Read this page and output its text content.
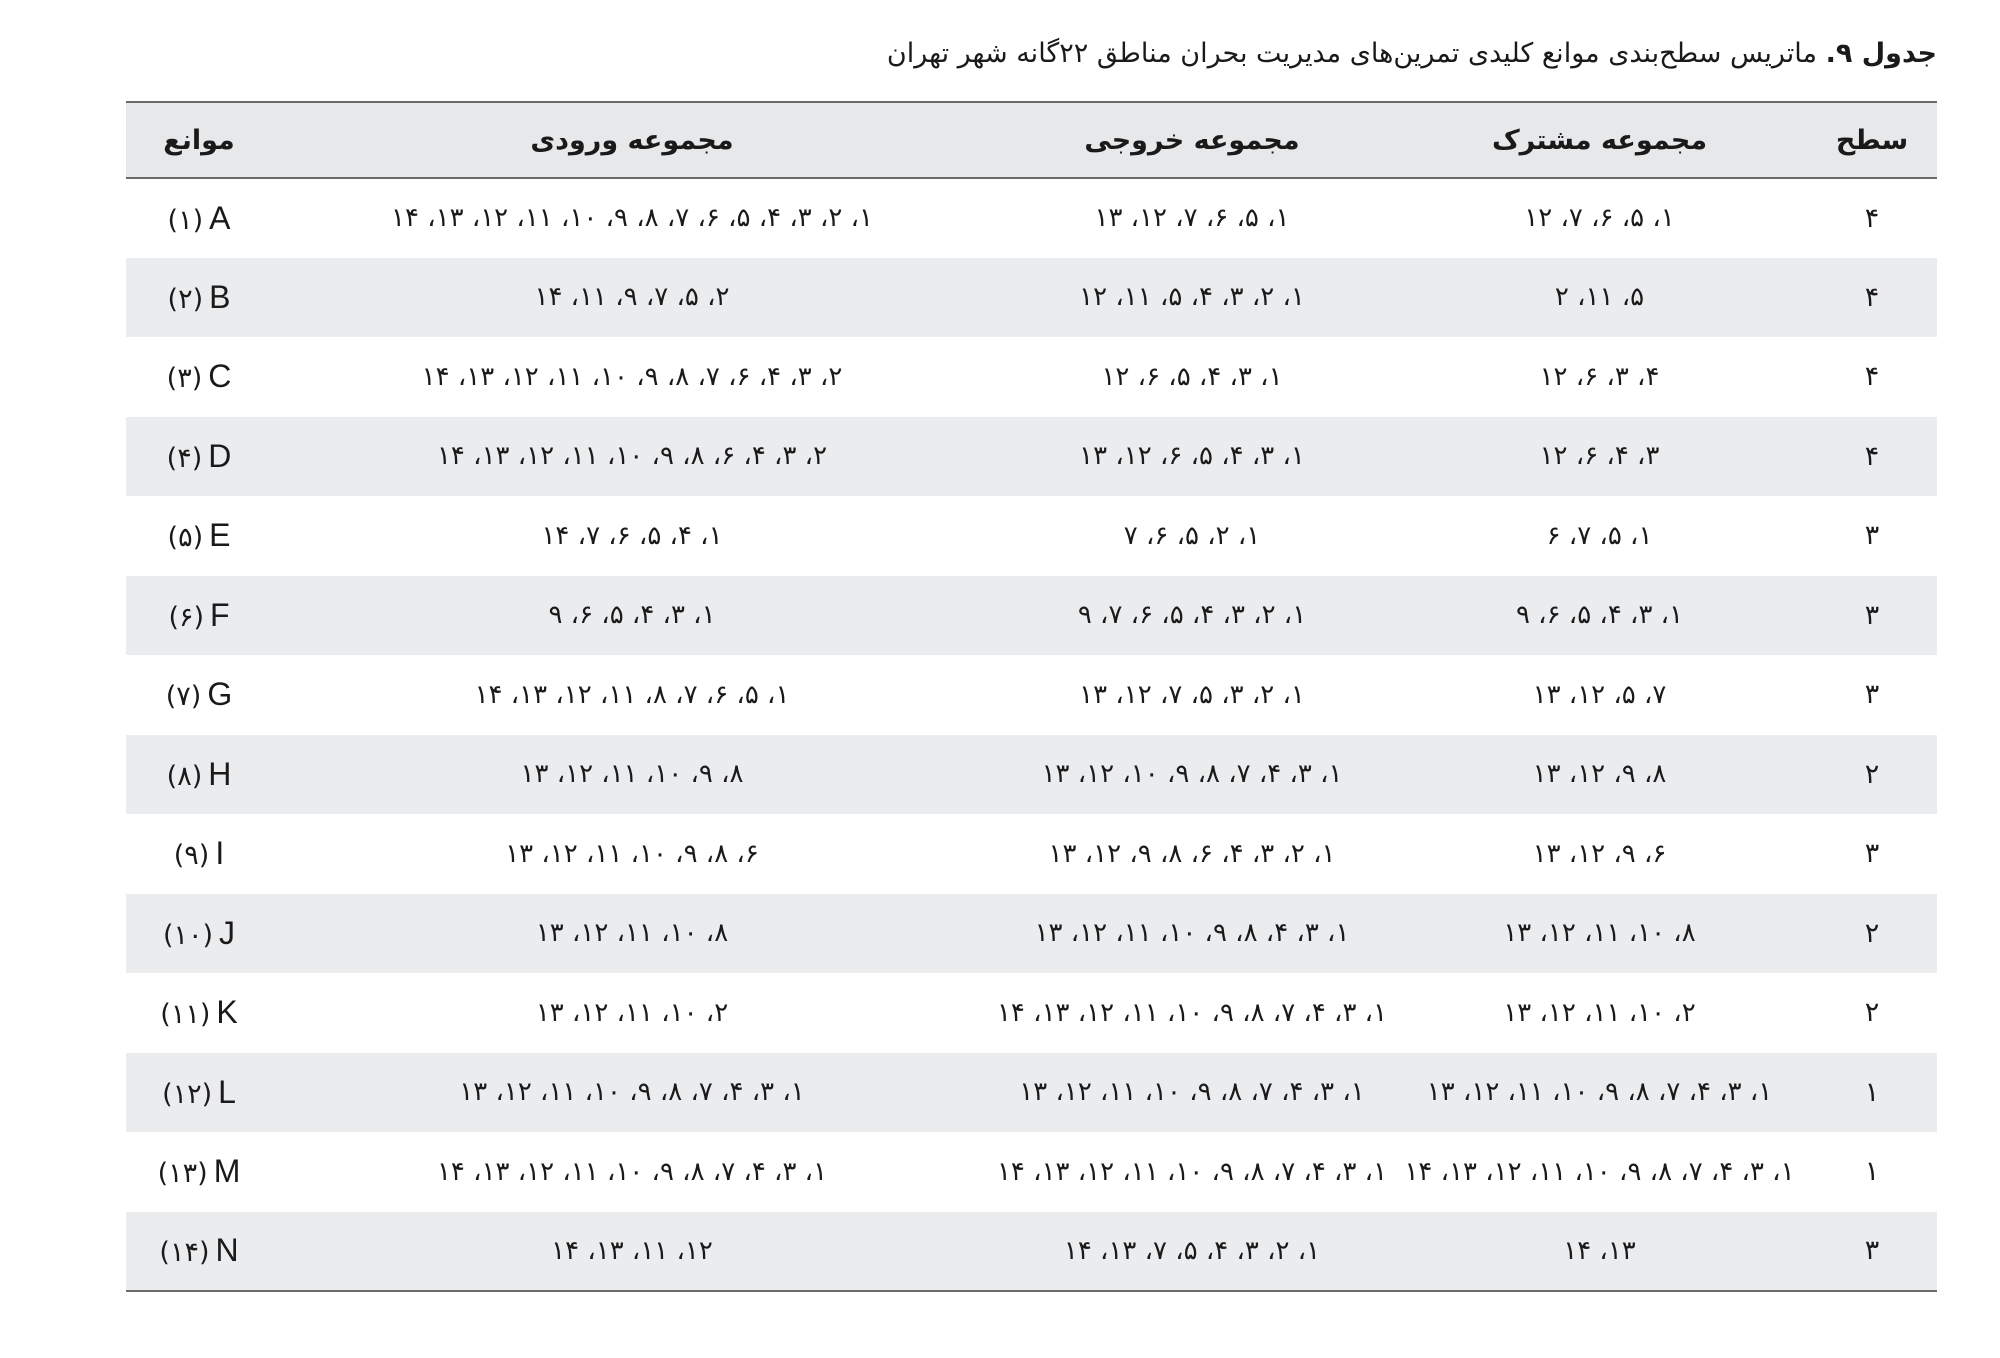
جدول ۹. ماتریس سطح‌بندی موانع کلیدی تمرین‌های مدیریت بحران مناطق ۲۲گانه شهر تهران
سطح	مجموعه مشترک	مجموعه خروجی	مجموعه ورودی	موانع
۴	۱، ۵، ۶، ۷، ۱۲	۱، ۵، ۶، ۷، ۱۲، ۱۳	۱، ۲، ۳، ۴، ۵، ۶، ۷، ۸، ۹، ۱۰، ۱۱، ۱۲، ۱۳، ۱۴	(۱) A
۴	۵، ۱۱، ۲	۱، ۲، ۳، ۴، ۵، ۱۱، ۱۲	۲، ۵، ۷، ۹، ۱۱، ۱۴	(۲) B
۴	۴، ۳، ۶، ۱۲	۱، ۳، ۴، ۵، ۶، ۱۲	۲، ۳، ۴، ۶، ۷، ۸، ۹، ۱۰، ۱۱، ۱۲، ۱۳، ۱۴	(۳) C
۴	۳، ۴، ۶، ۱۲	۱، ۳، ۴، ۵، ۶، ۱۲، ۱۳	۲، ۳، ۴، ۶، ۸، ۹، ۱۰، ۱۱، ۱۲، ۱۳، ۱۴	(۴) D
۳	۱، ۵، ۷، ۶	۱، ۲، ۵، ۶، ۷	۱، ۴، ۵، ۶، ۷، ۱۴	(۵) E
۳	۱، ۳، ۴، ۵، ۶، ۹	۱، ۲، ۳، ۴، ۵، ۶، ۷، ۹	۱، ۳، ۴، ۵، ۶، ۹	(۶) F
۳	۷، ۵، ۱۲، ۱۳	۱، ۲، ۳، ۵، ۷، ۱۲، ۱۳	۱، ۵، ۶، ۷، ۸، ۱۱، ۱۲، ۱۳، ۱۴	(۷) G
۲	۸، ۹، ۱۲، ۱۳	۱، ۳، ۴، ۷، ۸، ۹، ۱۰، ۱۲، ۱۳	۸، ۹، ۱۰، ۱۱، ۱۲، ۱۳	(۸) H
۳	۶، ۹، ۱۲، ۱۳	۱، ۲، ۳، ۴، ۶، ۸، ۹، ۱۲، ۱۳	۶، ۸، ۹، ۱۰، ۱۱، ۱۲، ۱۳	(۹) I
۲	۸، ۱۰، ۱۱، ۱۲، ۱۳	۱، ۳، ۴، ۸، ۹، ۱۰، ۱۱، ۱۲، ۱۳	۸، ۱۰، ۱۱، ۱۲، ۱۳	(۱۰) J
۲	۲، ۱۰، ۱۱، ۱۲، ۱۳	۱، ۳، ۴، ۷، ۸، ۹، ۱۰، ۱۱، ۱۲، ۱۳، ۱۴	۲، ۱۰، ۱۱، ۱۲، ۱۳	(۱۱) K
۱	۱، ۳، ۴، ۷، ۸، ۹، ۱۰، ۱۱، ۱۲، ۱۳	۱، ۳، ۴، ۷، ۸، ۹، ۱۰، ۱۱، ۱۲، ۱۳	۱، ۳، ۴، ۷، ۸، ۹، ۱۰، ۱۱، ۱۲، ۱۳	(۱۲) L
۱	۱، ۳، ۴، ۷، ۸، ۹، ۱۰، ۱۱، ۱۲، ۱۳، ۱۴	۱، ۳، ۴، ۷، ۸، ۹، ۱۰، ۱۱، ۱۲، ۱۳، ۱۴	۱، ۳، ۴، ۷، ۸، ۹، ۱۰، ۱۱، ۱۲، ۱۳، ۱۴	(۱۳) M
۳	۱۳، ۱۴	۱، ۲، ۳، ۴، ۵، ۷، ۱۳، ۱۴	۱۲، ۱۱، ۱۳، ۱۴	(۱۴) N
